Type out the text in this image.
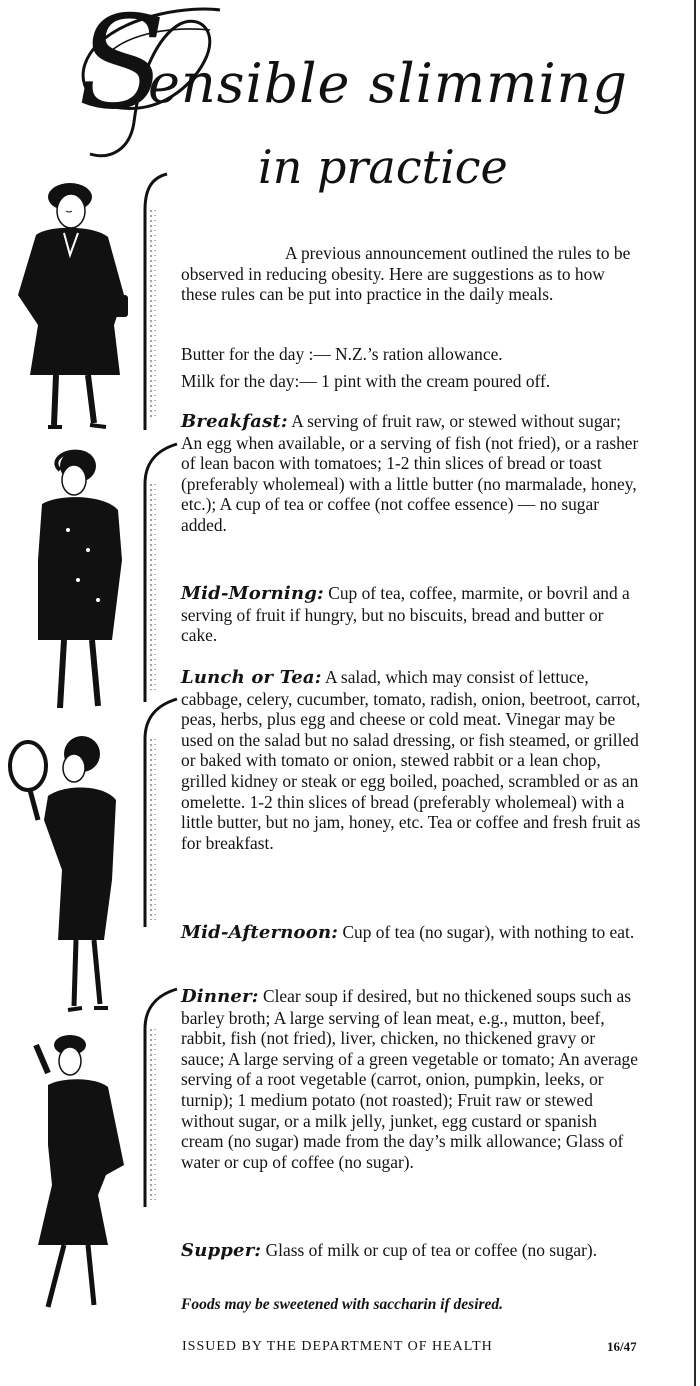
S
ensible slimming
in practice

A previous announcement outlined the rules to be observed in reducing obesity. Here are suggestions as to how these rules can be put into practice in the daily meals.

Butter for the day :— N.Z.’s ration allowance.

Milk for the day:— 1 pint with the cream poured off.

Breakfast: A serving of fruit raw, or stewed without sugar; An egg when available, or a serving of fish (not fried), or a rasher of lean bacon with tomatoes; 1-2 thin slices of bread or toast (preferably wholemeal) with a little butter (no marmalade, honey, etc.); A cup of tea or coffee (not coffee essence) — no sugar added.

Mid-Morning: Cup of tea, coffee, marmite, or bovril and a serving of fruit if hungry, but no biscuits, bread and butter or cake.

Lunch or Tea: A salad, which may consist of lettuce, cabbage, celery, cucumber, tomato, radish, onion, beetroot, carrot, peas, herbs, plus egg and cheese or cold meat. Vinegar may be used on the salad but no salad dressing, or fish steamed, or grilled or baked with tomato or onion, stewed rabbit or a lean chop, grilled kidney or steak or egg boiled, poached, scrambled or as an omelette. 1-2 thin slices of bread (preferably wholemeal) with a little butter, but no jam, honey, etc. Tea or coffee and fresh fruit as for breakfast.

Mid-Afternoon: Cup of tea (no sugar), with nothing to eat.

Dinner: Clear soup if desired, but no thickened soups such as barley broth; A large serving of lean meat, e.g., mutton, beef, rabbit, fish (not fried), liver, chicken, no thickened gravy or sauce; A large serving of a green vegetable or tomato; An average serving of a root vegetable (carrot, onion, pumpkin, leeks, or turnip); 1 medium potato (not roasted); Fruit raw or stewed without sugar, or a milk jelly, junket, egg custard or spanish cream (no sugar) made from the day’s milk allowance; Glass of water or cup of coffee (no sugar).

Supper: Glass of milk or cup of tea or coffee (no sugar).

Foods may be sweetened with saccharin if desired.

ISSUED BY THE DEPARTMENT OF HEALTH	16/47
